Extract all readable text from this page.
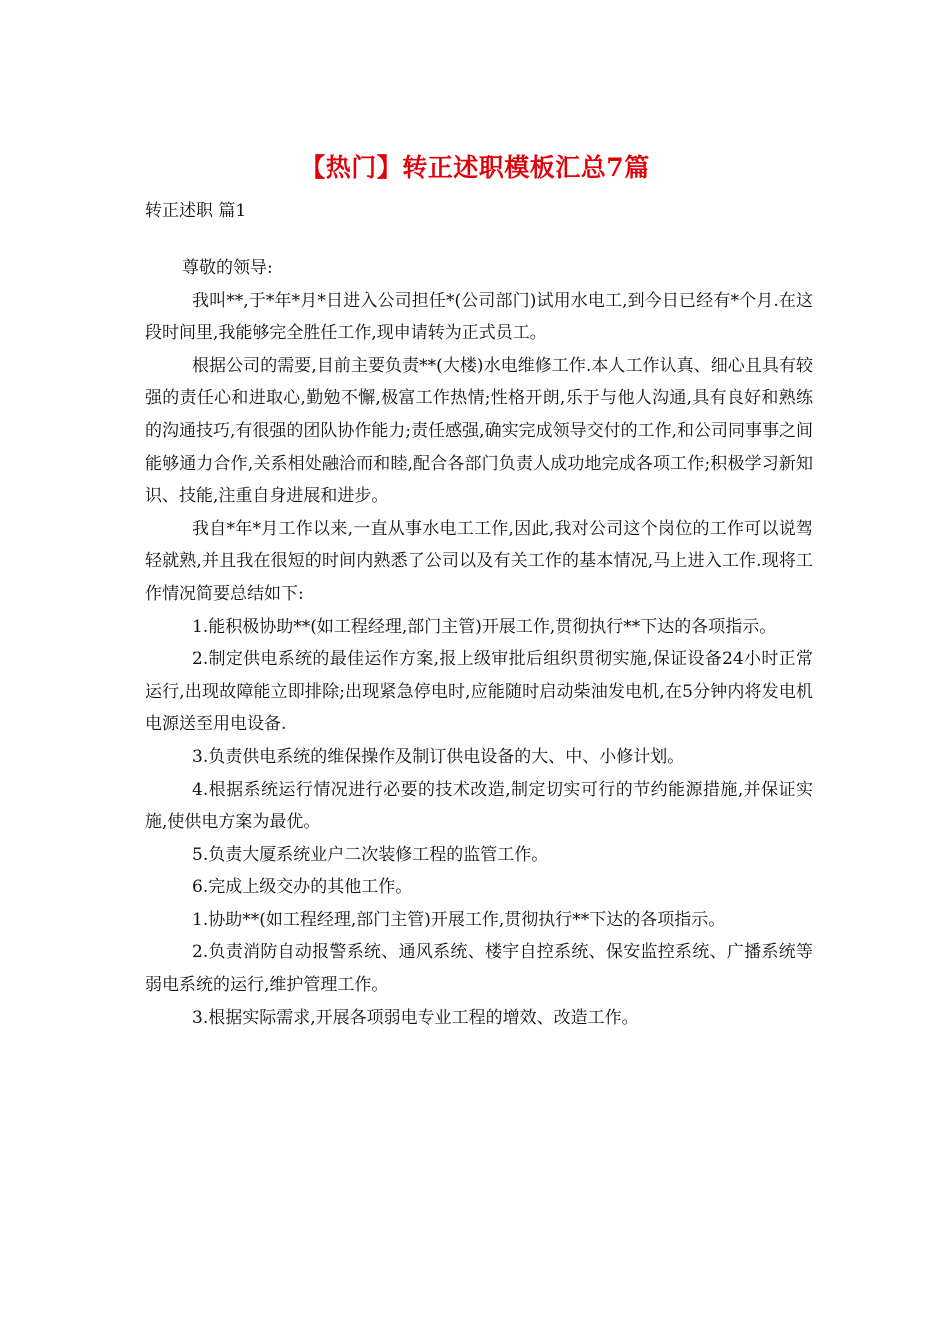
【热门】转正述职模板汇总7篇
转正述职 篇1

尊敬的领导:

我叫**,于*年*月*日进入公司担任*(公司部门)试用水电工,到今日已经有*个月.在这段时间里,我能够完全胜任工作,现申请转为正式员工。

根据公司的需要,目前主要负责**(大楼)水电维修工作.本人工作认真、细心且具有较强的责任心和进取心,勤勉不懈,极富工作热情;性格开朗,乐于与他人沟通,具有良好和熟练的沟通技巧,有很强的团队协作能力;责任感强,确实完成领导交付的工作,和公司同事事之间能够通力合作,关系相处融洽而和睦,配合各部门负责人成功地完成各项工作;积极学习新知识、技能,注重自身进展和进步。

我自*年*月工作以来,一直从事水电工工作,因此,我对公司这个岗位的工作可以说驾轻就熟,并且我在很短的时间内熟悉了公司以及有关工作的基本情况,马上进入工作.现将工作情况简要总结如下:

1.能积极协助**(如工程经理,部门主管)开展工作,贯彻执行**下达的各项指示。

2.制定供电系统的最佳运作方案,报上级审批后组织贯彻实施,保证设备24小时正常运行,出现故障能立即排除;出现紧急停电时,应能随时启动柴油发电机,在5分钟内将发电机电源送至用电设备.

3.负责供电系统的维保操作及制订供电设备的大、中、小修计划。

4.根据系统运行情况进行必要的技术改造,制定切实可行的节约能源措施,并保证实施,使供电方案为最优。

5.负责大厦系统业户二次装修工程的监管工作。

6.完成上级交办的其他工作。

1.协助**(如工程经理,部门主管)开展工作,贯彻执行**下达的各项指示。

2.负责消防自动报警系统、通风系统、楼宇自控系统、保安监控系统、广播系统等弱电系统的运行,维护管理工作。

3.根据实际需求,开展各项弱电专业工程的增效、改造工作。
